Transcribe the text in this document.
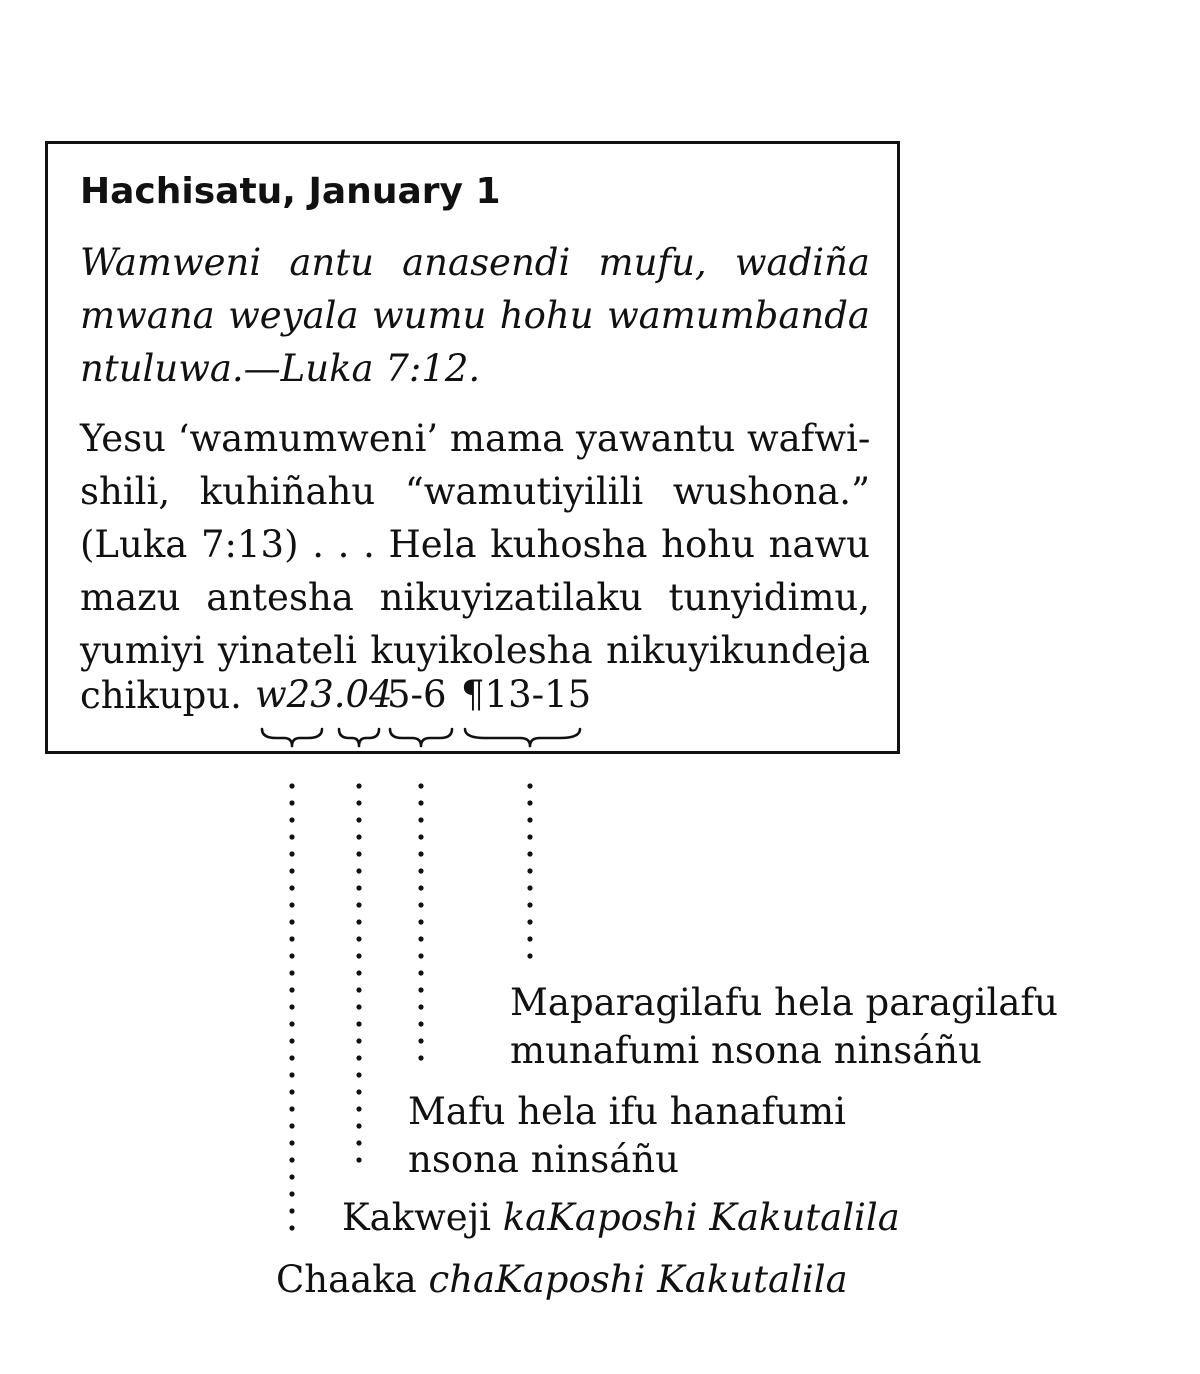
Hachisatu, January 1
Wamweni antu anasendi mufu, wadiña
mwana weyala wumu hohu wamumbanda
ntuluwa.—Luka 7:12.
Yesu ‘wamumweni’ mama yawantu wafwi-
shili, kuhiñahu “wamutiyilili wushona.”
(Luka 7:13) . . . Hela kuhosha hohu nawu
mazu antesha nikuyizatilaku tunyidimu,
yumiyi yinateli kuyikolesha nikuyikundeja
chikupu. w23.04
5-6 ¶13-15
Maparagilafu hela paragilafu
munafumi nsona ninsáñu
Mafu hela ifu hanafumi
nsona ninsáñu
Kakweji kaKaposhi Kakutalila
Chaaka chaKaposhi Kakutalila
